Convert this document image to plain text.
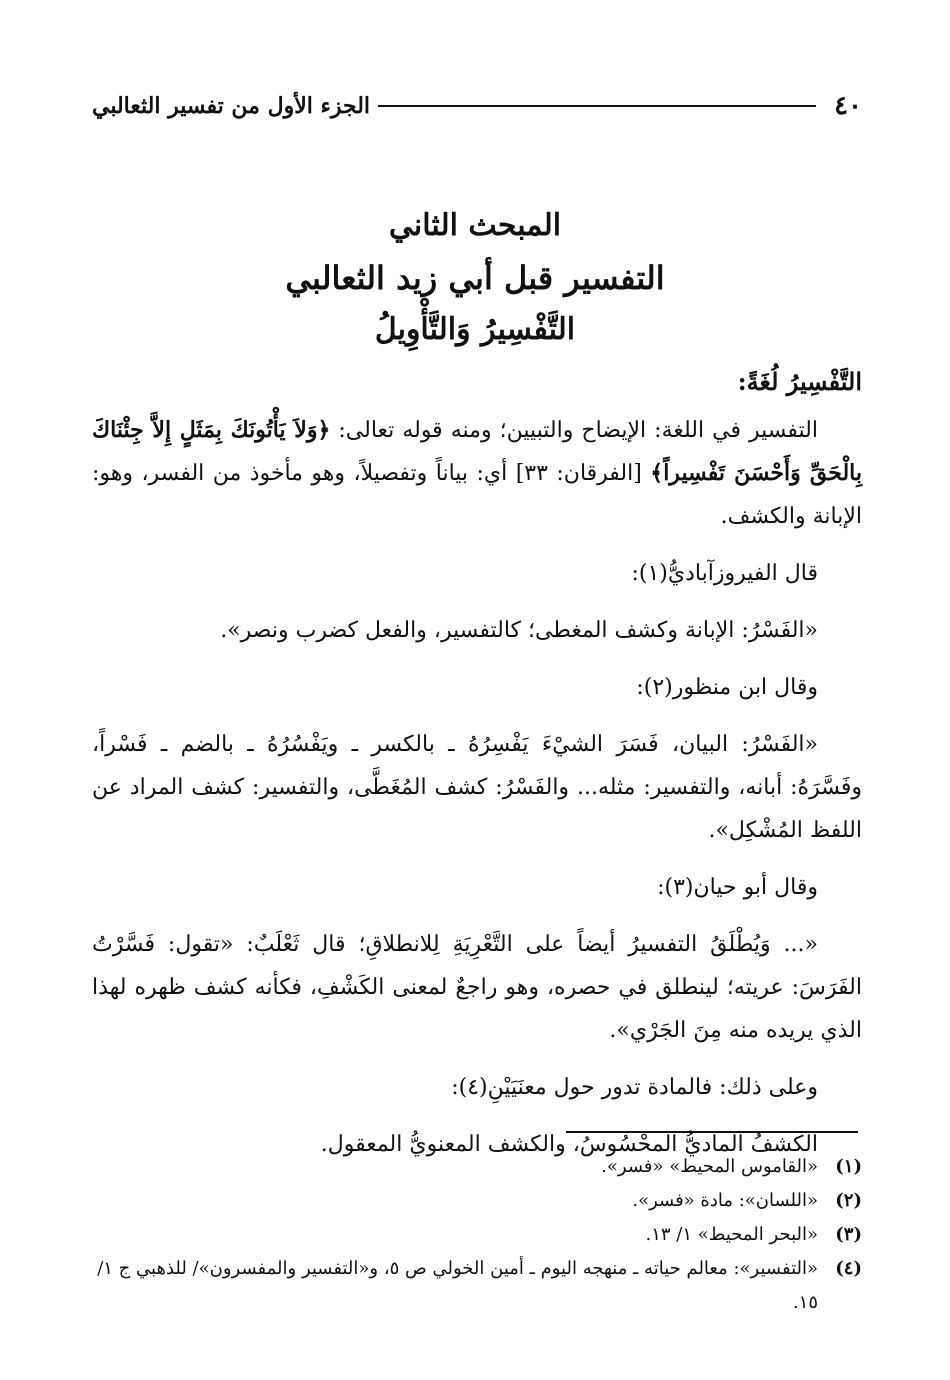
٤٠
الجزء الأول من تفسير الثعالبي
المبحث الثاني
التفسير قبل أبي زيد الثعالبي
التَّفْسِيرُ وَالتَّأْوِيلُ
التَّفْسِيرُ لُغَةً:

التفسير في اللغة: الإيضاح والتبيين؛ ومنه قوله تعالى: ﴿وَلاَ يَأْتُونَكَ بِمَثَلٍ إِلاَّ جِئْنَاكَ بِالْحَقِّ وَأَحْسَنَ تَفْسِيراً﴾ [الفرقان: ٣٣] أي: بياناً وتفصيلاً، وهو مأخوذ من الفسر، وهو: الإبانة والكشف.

قال الفيروزآباديُّ(١):

«الفَسْرُ: الإبانة وكشف المغطى؛ كالتفسير، والفعل كضرب ونصر».

وقال ابن منظور(٢):

«الفَسْرُ: البيان، فَسَرَ الشيْءَ يَفْسِرُهُ ـ بالكسر ـ ويَفْسُرُهُ ـ بالضم ـ فَسْراً، وفَسَّرَهُ: أبانه، والتفسير: مثله... والفَسْرُ: كشف المُغَطَّى، والتفسير: كشف المراد عن اللفظ المُشْكِل».

وقال أبو حيان(٣):

«... وَيُطْلَقُ التفسيرُ أيضاً على التَّعْرِيَةِ لِلانطلاقِ؛ قال ثَعْلَبٌ: «تقول: فَسَّرْتُ الفَرَسَ: عريته؛ لينطلق في حصره، وهو راجعٌ لمعنى الكَشْفِ، فكأنه كشف ظهره لهذا الذي يريده منه مِنَ الجَرْي».

وعلى ذلك: فالمادة تدور حول معنَيَيْنِ(٤):

الكشفُ الماديُّ المحْسُوسُ، والكشف المعنويُّ المعقول.

(١)
«القاموس المحيط» «فسر».
(٢)
«اللسان»: مادة «فسر».
(٣)
«البحر المحيط» ١/ ١٣.
(٤)
«التفسير»: معالم حياته ـ منهجه اليوم ـ أمين الخولي ص ٥، و«التفسير والمفسرون»/ للذهبي ج ١/ ١٥.
